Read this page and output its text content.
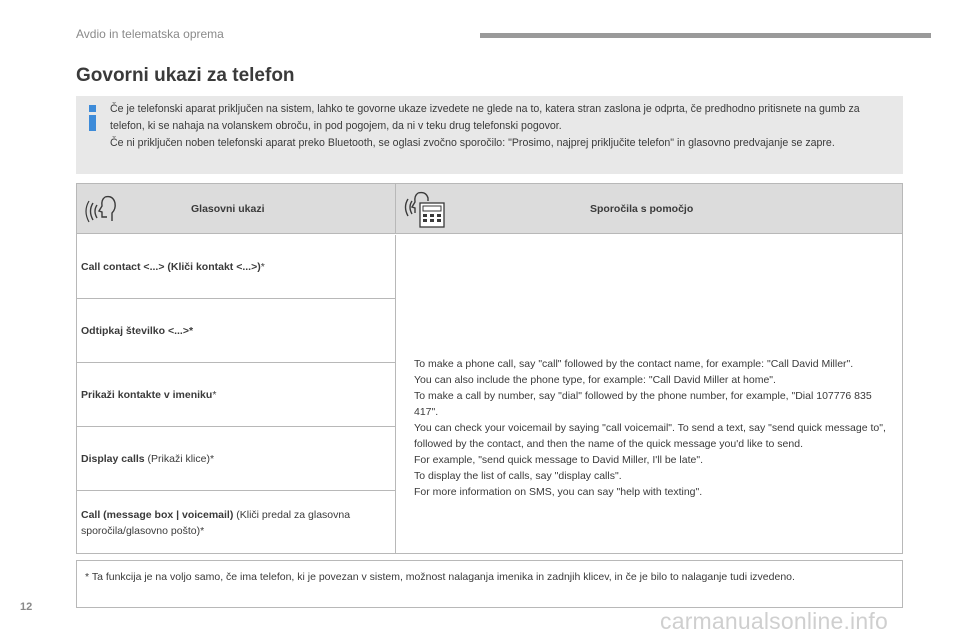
Avdio in telematska oprema
Govorni ukazi za telefon

Če je telefonski aparat priključen na sistem, lahko te govorne ukaze izvedete ne glede na to, katera stran zaslona je odprta, če predhodno pritisnete na gumb za telefon, ki se nahaja na volanskem obroču, in pod pogojem, da ni v teku drug telefonski pogovor.

Če ni priključen noben telefonski aparat preko Bluetooth, se oglasi zvočno sporočilo: "Prosimo, najprej priključite telefon" in glasovno predvajanje se zapre.

Glasovni ukazi	Sporočila s pomočjo
Call contact <...> (Kliči kontakt <...>)*
Odtipkaj številko <...>*
Prikaži kontakte v imeniku*
Display calls (Prikaži klice)*
Call (message box | voicemail) (Kliči predal za glasovna sporočila/glasovno pošto)*
To make a phone call, say "call" followed by the contact name, for example: "Call David Miller".
You can also include the phone type, for example: "Call David Miller at home".
To make a call by number, say "dial" followed by the phone number, for example, "Dial 107776 835 417".
You can check your voicemail by saying "call voicemail". To send a text, say "send quick message to", followed by the contact, and then the name of the quick message you'd like to send.
For example, "send quick message to David Miller, I'll be late".
To display the list of calls, say "display calls".
For more information on SMS, you can say "help with texting".
* Ta funkcija je na voljo samo, če ima telefon, ki je povezan v sistem, možnost nalaganja imenika in zadnjih klicev, in če je bilo to nalaganje tudi izvedeno.
12
carmanualsonline.info
